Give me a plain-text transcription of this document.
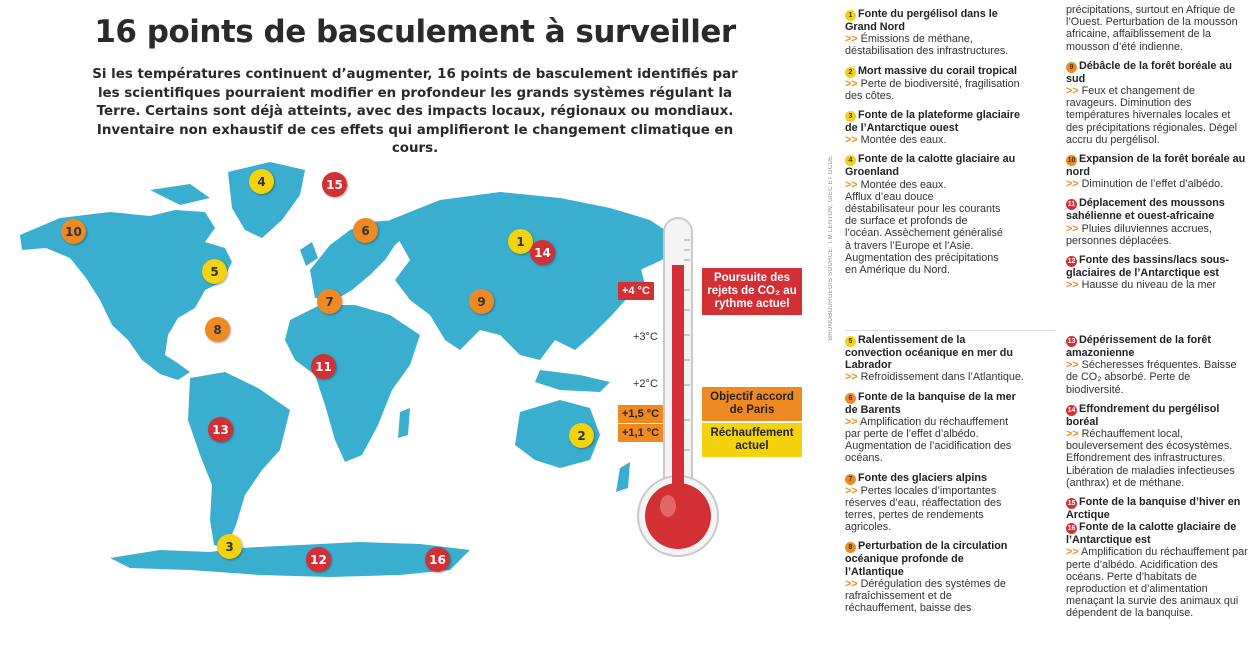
16 points de basculement à surveiller
Si les températures continuent d’augmenter, 16 points de basculement identifiés par les scientifiques pourraient modifier en profondeur les grands systèmes régulant la Terre. Certains sont déjà atteints, avec des impacts locaux, régionaux ou mondiaux. Inventaire non exhaustif de ces effets qui amplifieront le changement climatique en cours.
1
2
3
4
5
6
7
8
9
10
11
12
13
14
15
16
+4 °C
+3°C
+2°C
+1,5 °C
+1,1 °C
Poursuite des rejets de CO₂ au rythme actuel
Objectif accord de Paris
Réchauffement actuel
BRUNOBOURGEOIS SOURCE: T.M LENTON, GIEC ET OCDE
1 Fonte du pergélisol dans le Grand Nord
>> Émissions de méthane, déstabilisation des infrastructures.
2 Mort massive du corail tropical
>> Perte de biodiversité, fragilisation des côtes.
3 Fonte de la plateforme glaciaire de l’Antarctique ouest
>> Montée des eaux.
4 Fonte de la calotte glaciaire au Groenland
>> Montée des eaux.
Afflux d’eau douce déstabilisateur pour les courants de surface et profonds de l’océan. Assèchement généralisé à travers l’Europe et l’Asie. Augmentation des précipitations en Amérique du Nord.
5 Ralentissement de la convection océanique en mer du Labrador
>> Refroidissement dans l’Atlantique.
6 Fonte de la banquise de la mer de Barents
>> Amplification du réchauffement par perte de l’effet d’albédo. Augmentation de l’acidification des océans.
7 Fonte des glaciers alpins
>> Pertes locales d’importantes réserves d’eau, réaffectation des terres, pertes de rendements agricoles.
8 Perturbation de la circulation océanique profonde de l’Atlantique
>> Dérégulation des systèmes de rafraîchissement et de réchauffement, baisse des
précipitations, surtout en Afrique de l’Ouest. Perturbation de la mousson africaine, affaiblissement de la mousson d’été indienne.
9 Débâcle de la forêt boréale au sud
>> Feux et changement de ravageurs. Diminution des températures hivernales locales et des précipitations régionales. Dégel accru du pergélisol.
10 Expansion de la forêt boréale au nord
>> Diminution de l’effet d’albédo.
11 Déplacement des moussons sahélienne et ouest-africaine
>> Pluies diluviennes accrues, personnes déplacées.
12 Fonte des bassins/lacs sous-glaciaires de l’Antarctique est
>> Hausse du niveau de la mer
13 Dépérissement de la forêt amazonienne
>> Sécheresses fréquentes. Baisse de CO₂ absorbé. Perte de biodiversité.
14 Effondrement du pergélisol boréal
>> Réchauffement local, bouleversement des écosystèmes. Effondrement des infrastructures. Libération de maladies infectieuses (anthrax) et de méthane.
15 Fonte de la banquise d’hiver en Arctique
16 Fonte de la calotte glaciaire de l’Antarctique est
>> Amplification du réchauffement par perte d’albédo. Acidification des océans. Perte d’habitats de reproduction et d’alimentation menaçant la survie des animaux qui dépendent de la banquise.
